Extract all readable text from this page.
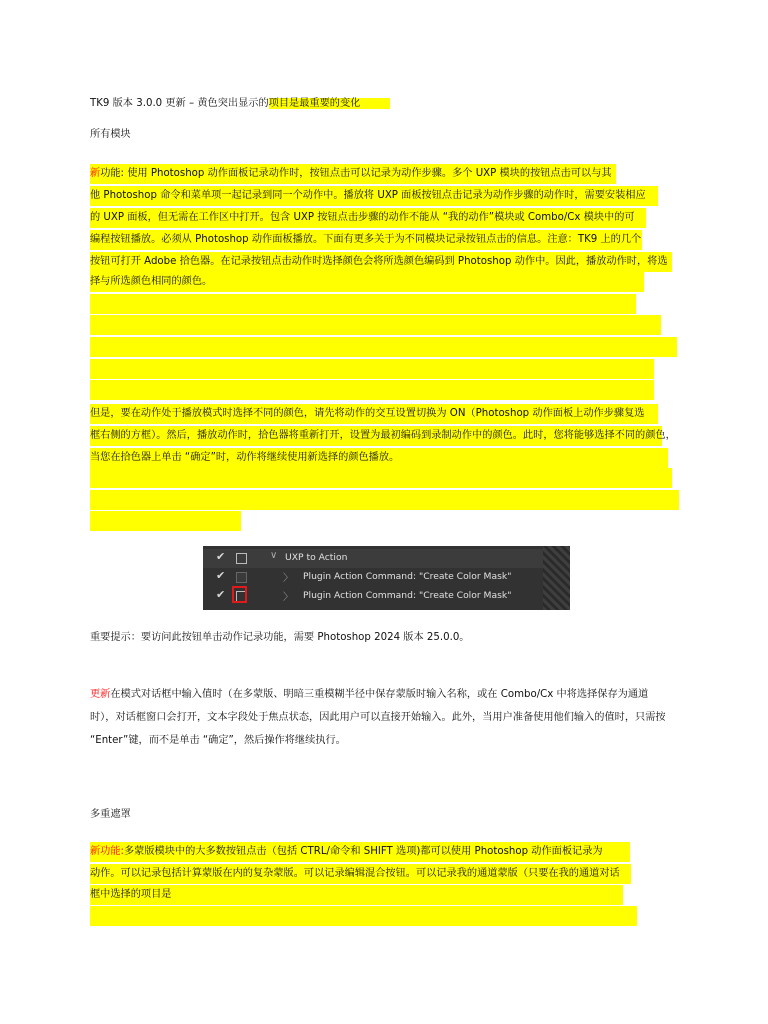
TK9 版本 3.0.0 更新 – 黄色突出显示的项目是最重要的变化
所有模块
新功能: 使用 Photoshop 动作面板记录动作时，按钮点击可以记录为动作步骤。多个 UXP 模块的按钮点击可以与其
他 Photoshop 命令和菜单项一起记录到同一个动作中。播放将 UXP 面板按钮点击记录为动作步骤的动作时，需要安装相应
的 UXP 面板，但无需在工作区中打开。包含 UXP 按钮点击步骤的动作不能从 “我的动作”模块或 Combo/Cx 模块中的可
编程按钮播放。必须从 Photoshop 动作面板播放。下面有更多关于为不同模块记录按钮点击的信息。注意：TK9 上的几个
按钮可打开 Adobe 拾色器。在记录按钮点击动作时选择颜色会将所选颜色编码到 Photoshop 动作中。因此，播放动作时，将选
择与所选颜色相同的颜色。
但是，要在动作处于播放模式时选择不同的颜色，请先将动作的交互设置切换为 ON（Photoshop 动作面板上动作步骤复选
框右侧的方框）。然后，播放动作时，拾色器将重新打开，设置为最初编码到录制动作中的颜色。此时，您将能够选择不同的颜色，
当您在拾色器上单击 “确定”时，动作将继续使用新选择的颜色播放。
✔	∨ UXP to Action
✔	〉 Plugin Action Command: "Create Color Mask"
✔	〉 Plugin Action Command: "Create Color Mask"
重要提示：要访问此按钮单击动作记录功能，需要 Photoshop 2024 版本 25.0.0。
更新在模式对话框中输入值时（在多蒙版、明暗三重模糊半径中保存蒙版时输入名称，或在 Combo/Cx 中将选择保存为通道
时），对话框窗口会打开，文本字段处于焦点状态，因此用户可以直接开始输入。此外，当用户准备使用他们输入的值时，只需按
“Enter”键，而不是单击 “确定”，然后操作将继续执行。
多重遮罩
新功能:多蒙版模块中的大多数按钮点击（包括 CTRL/命令和 SHIFT 选项)都可以使用 Photoshop 动作面板记录为
动作。可以记录包括计算蒙版在内的复杂蒙版。可以记录编辑混合按钮。可以记录我的通道蒙版（只要在我的通道对话
框中选择的项目是
